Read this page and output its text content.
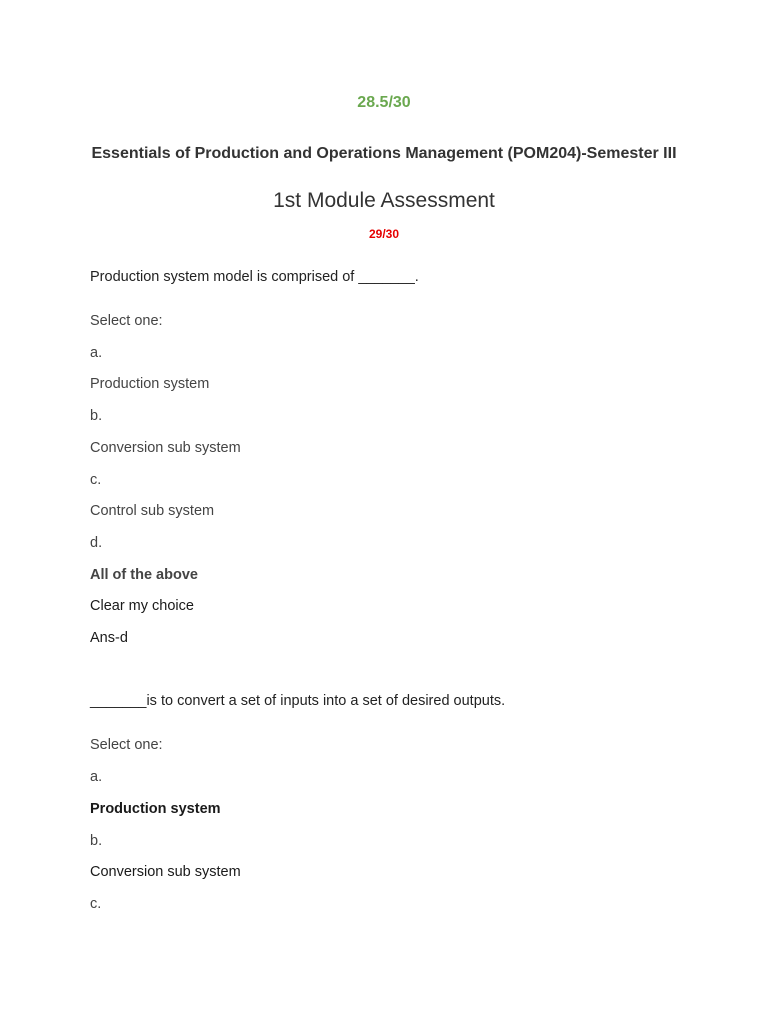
28.5/30
Essentials of Production and Operations Management (POM204)-Semester III
1st Module Assessment
29/30
Production system model is comprised of _______.
Select one:
a.
Production system
b.
Conversion sub system
c.
Control sub system
d.
All of the above
Clear my choice
Ans-d
_______is to convert a set of inputs into a set of desired outputs.
Select one:
a.
Production system
b.
Conversion sub system
c.
